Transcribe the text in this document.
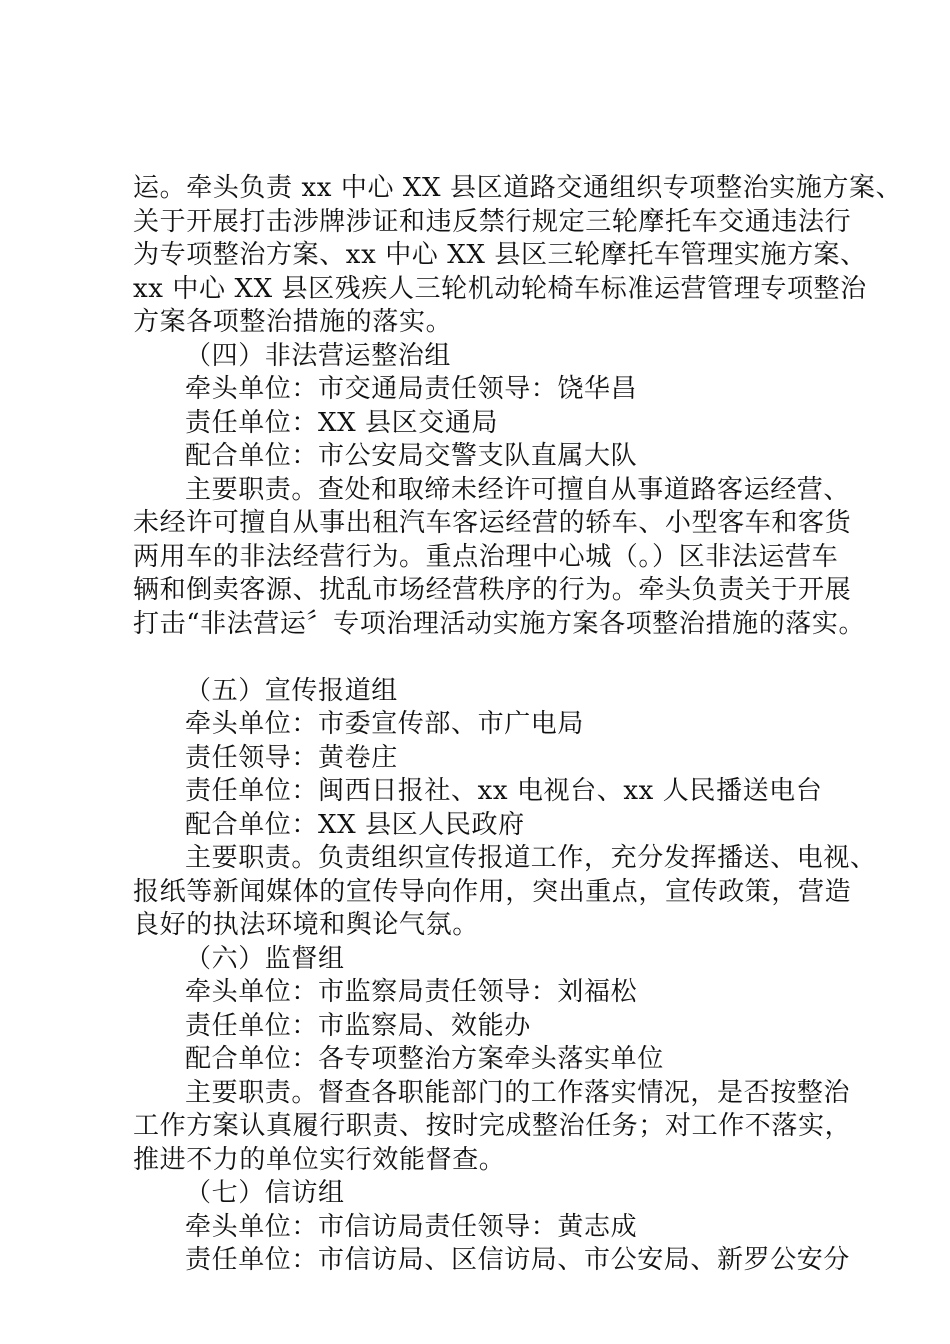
运。牵头负责 xx 中心 XX 县区道路交通组织专项整治实施方案、
关于开展打击涉牌涉证和违反禁行规定三轮摩托车交通违法行
为专项整治方案、xx 中心 XX 县区三轮摩托车管理实施方案、
xx 中心 XX 县区残疾人三轮机动轮椅车标准运营管理专项整治
方案各项整治措施的落实。
（四）非法营运整治组
牵头单位：市交通局责任领导：饶华昌
责任单位：XX 县区交通局
配合单位：市公安局交警支队直属大队
主要职责。查处和取缔未经许可擅自从事道路客运经营、
未经许可擅自从事出租汽车客运经营的轿车、小型客车和客货
两用车的非法经营行为。重点治理中心城（。）区非法运营车
辆和倒卖客源、扰乱市场经营秩序的行为。牵头负责关于开展
打击“非法营运〞专项治理活动实施方案各项整治措施的落实。
（五）宣传报道组
牵头单位：市委宣传部、市广电局
责任领导：黄卷庄
责任单位：闽西日报社、xx 电视台、xx 人民播送电台
配合单位：XX 县区人民政府
主要职责。负责组织宣传报道工作，充分发挥播送、电视、
报纸等新闻媒体的宣传导向作用，突出重点，宣传政策，营造
良好的执法环境和舆论气氛。
（六）监督组
牵头单位：市监察局责任领导：刘福松
责任单位：市监察局、效能办
配合单位：各专项整治方案牵头落实单位
主要职责。督查各职能部门的工作落实情况，是否按整治
工作方案认真履行职责、按时完成整治任务；对工作不落实，
推进不力的单位实行效能督查。
（七）信访组
牵头单位：市信访局责任领导：黄志成
责任单位：市信访局、区信访局、市公安局、新罗公安分
